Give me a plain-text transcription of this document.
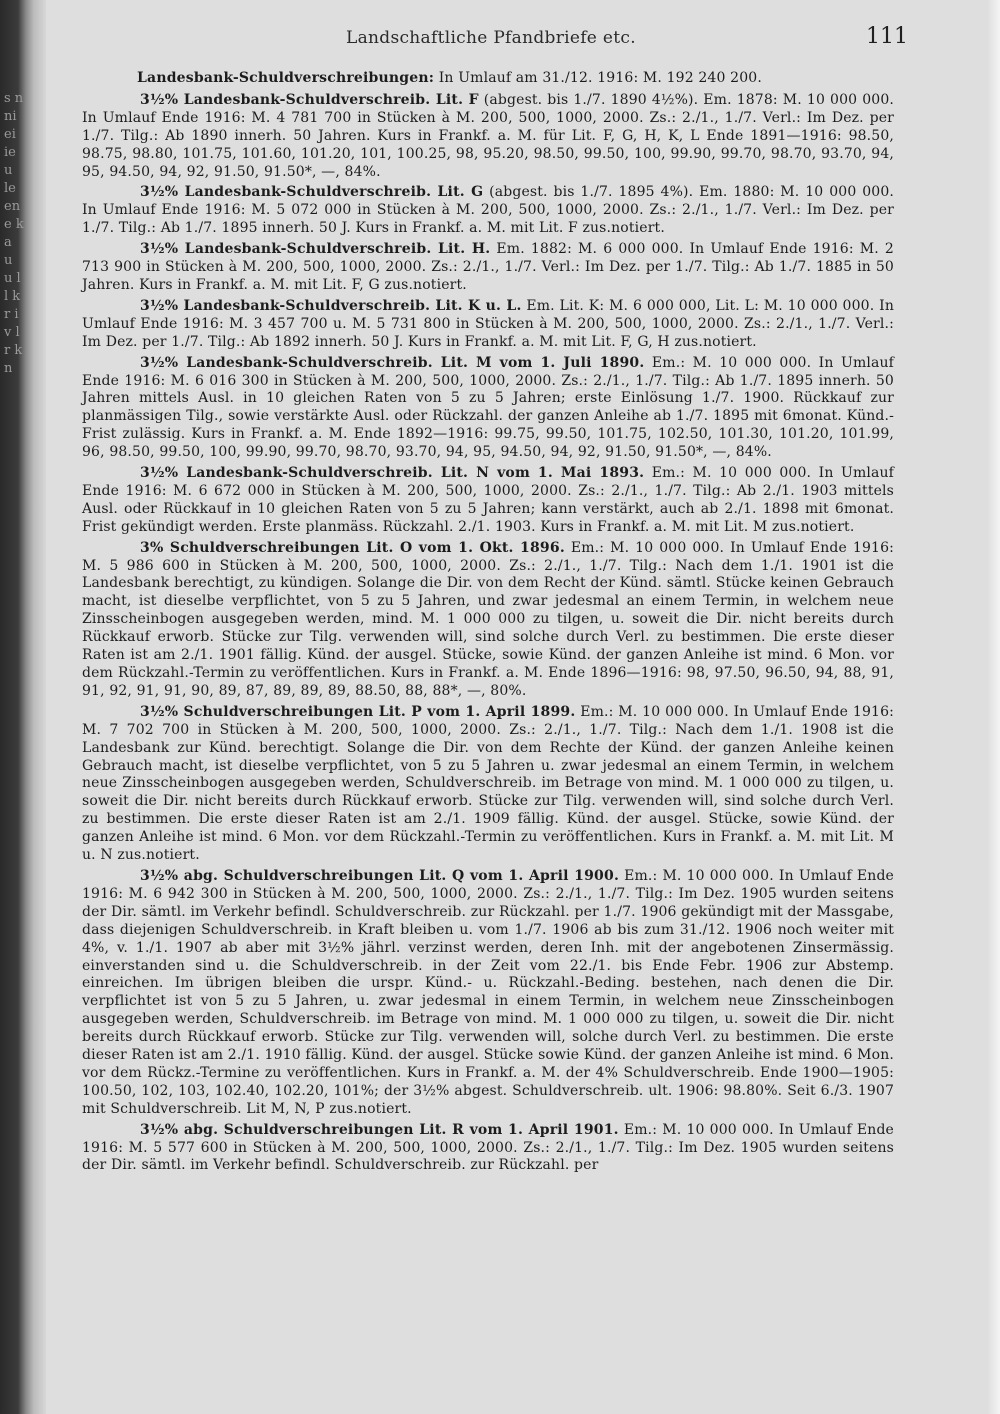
s n ni ei ie u le en e k a u u l l k r i v l r k n
Landschaftliche Pfandbriefe etc.	111

Landesbank-Schuldverschreibungen: In Umlauf am 31./12. 1916: M. 192 240 200.

3½% Landesbank-Schuldverschreib. Lit. F (abgest. bis 1./7. 1890 4½%). Em. 1878: M. 10 000 000. In Umlauf Ende 1916: M. 4 781 700 in Stücken à M. 200, 500, 1000, 2000. Zs.: 2./1., 1./7. Verl.: Im Dez. per 1./7. Tilg.: Ab 1890 innerh. 50 Jahren. Kurs in Frankf. a. M. für Lit. F, G, H, K, L Ende 1891—1916: 98.50, 98.75, 98.80, 101.75, 101.60, 101.20, 101, 100.25, 98, 95.20, 98.50, 99.50, 100, 99.90, 99.70, 98.70, 93.70, 94, 95, 94.50, 94, 92, 91.50, 91.50*, —, 84%.

3½% Landesbank-Schuldverschreib. Lit. G (abgest. bis 1./7. 1895 4%). Em. 1880: M. 10 000 000. In Umlauf Ende 1916: M. 5 072 000 in Stücken à M. 200, 500, 1000, 2000. Zs.: 2./1., 1./7. Verl.: Im Dez. per 1./7. Tilg.: Ab 1./7. 1895 innerh. 50 J. Kurs in Frankf. a. M. mit Lit. F zus.notiert.

3½% Landesbank-Schuldverschreib. Lit. H. Em. 1882: M. 6 000 000. In Umlauf Ende 1916: M. 2 713 900 in Stücken à M. 200, 500, 1000, 2000. Zs.: 2./1., 1./7. Verl.: Im Dez. per 1./7. Tilg.: Ab 1./7. 1885 in 50 Jahren. Kurs in Frankf. a. M. mit Lit. F, G zus.notiert.

3½% Landesbank-Schuldverschreib. Lit. K u. L. Em. Lit. K: M. 6 000 000, Lit. L: M. 10 000 000. In Umlauf Ende 1916: M. 3 457 700 u. M. 5 731 800 in Stücken à M. 200, 500, 1000, 2000. Zs.: 2./1., 1./7. Verl.: Im Dez. per 1./7. Tilg.: Ab 1892 innerh. 50 J. Kurs in Frankf. a. M. mit Lit. F, G, H zus.notiert.

3½% Landesbank-Schuldverschreib. Lit. M vom 1. Juli 1890. Em.: M. 10 000 000. In Umlauf Ende 1916: M. 6 016 300 in Stücken à M. 200, 500, 1000, 2000. Zs.: 2./1., 1./7. Tilg.: Ab 1./7. 1895 innerh. 50 Jahren mittels Ausl. in 10 gleichen Raten von 5 zu 5 Jahren; erste Einlösung 1./7. 1900. Rückkauf zur planmässigen Tilg., sowie verstärkte Ausl. oder Rückzahl. der ganzen Anleihe ab 1./7. 1895 mit 6monat. Künd.-Frist zulässig. Kurs in Frankf. a. M. Ende 1892—1916: 99.75, 99.50, 101.75, 102.50, 101.30, 101.20, 101.99, 96, 98.50, 99.50, 100, 99.90, 99.70, 98.70, 93.70, 94, 95, 94.50, 94, 92, 91.50, 91.50*, —, 84%.

3½% Landesbank-Schuldverschreib. Lit. N vom 1. Mai 1893. Em.: M. 10 000 000. In Umlauf Ende 1916: M. 6 672 000 in Stücken à M. 200, 500, 1000, 2000. Zs.: 2./1., 1./7. Tilg.: Ab 2./1. 1903 mittels Ausl. oder Rückkauf in 10 gleichen Raten von 5 zu 5 Jahren; kann verstärkt, auch ab 2./1. 1898 mit 6monat. Frist gekündigt werden. Erste planmäss. Rückzahl. 2./1. 1903. Kurs in Frankf. a. M. mit Lit. M zus.notiert.

3% Schuldverschreibungen Lit. O vom 1. Okt. 1896. Em.: M. 10 000 000. In Umlauf Ende 1916: M. 5 986 600 in Stücken à M. 200, 500, 1000, 2000. Zs.: 2./1., 1./7. Tilg.: Nach dem 1./1. 1901 ist die Landesbank berechtigt, zu kündigen. Solange die Dir. von dem Recht der Künd. sämtl. Stücke keinen Gebrauch macht, ist dieselbe verpflichtet, von 5 zu 5 Jahren, und zwar jedesmal an einem Termin, in welchem neue Zinsscheinbogen ausgegeben werden, mind. M. 1 000 000 zu tilgen, u. soweit die Dir. nicht bereits durch Rückkauf erworb. Stücke zur Tilg. verwenden will, sind solche durch Verl. zu bestimmen. Die erste dieser Raten ist am 2./1. 1901 fällig. Künd. der ausgel. Stücke, sowie Künd. der ganzen Anleihe ist mind. 6 Mon. vor dem Rückzahl.-Termin zu veröffentlichen. Kurs in Frankf. a. M. Ende 1896—1916: 98, 97.50, 96.50, 94, 88, 91, 91, 92, 91, 91, 90, 89, 87, 89, 89, 89, 88.50, 88, 88*, —, 80%.

3½% Schuldverschreibungen Lit. P vom 1. April 1899. Em.: M. 10 000 000. In Umlauf Ende 1916: M. 7 702 700 in Stücken à M. 200, 500, 1000, 2000. Zs.: 2./1., 1./7. Tilg.: Nach dem 1./1. 1908 ist die Landesbank zur Künd. berechtigt. Solange die Dir. von dem Rechte der Künd. der ganzen Anleihe keinen Gebrauch macht, ist dieselbe verpflichtet, von 5 zu 5 Jahren u. zwar jedesmal an einem Termin, in welchem neue Zinsscheinbogen ausgegeben werden, Schuldverschreib. im Betrage von mind. M. 1 000 000 zu tilgen, u. soweit die Dir. nicht bereits durch Rückkauf erworb. Stücke zur Tilg. verwenden will, sind solche durch Verl. zu bestimmen. Die erste dieser Raten ist am 2./1. 1909 fällig. Künd. der ausgel. Stücke, sowie Künd. der ganzen Anleihe ist mind. 6 Mon. vor dem Rückzahl.-Termin zu veröffentlichen. Kurs in Frankf. a. M. mit Lit. M u. N zus.notiert.

3½% abg. Schuldverschreibungen Lit. Q vom 1. April 1900. Em.: M. 10 000 000. In Umlauf Ende 1916: M. 6 942 300 in Stücken à M. 200, 500, 1000, 2000. Zs.: 2./1., 1./7. Tilg.: Im Dez. 1905 wurden seitens der Dir. sämtl. im Verkehr befindl. Schuldverschreib. zur Rückzahl. per 1./7. 1906 gekündigt mit der Massgabe, dass diejenigen Schuldverschreib. in Kraft bleiben u. vom 1./7. 1906 ab bis zum 31./12. 1906 noch weiter mit 4%, v. 1./1. 1907 ab aber mit 3½% jährl. verzinst werden, deren Inh. mit der angebotenen Zinsermässig. einverstanden sind u. die Schuldverschreib. in der Zeit vom 22./1. bis Ende Febr. 1906 zur Abstemp. einreichen. Im übrigen bleiben die urspr. Künd.- u. Rückzahl.-Beding. bestehen, nach denen die Dir. verpflichtet ist von 5 zu 5 Jahren, u. zwar jedesmal in einem Termin, in welchem neue Zinsscheinbogen ausgegeben werden, Schuldverschreib. im Betrage von mind. M. 1 000 000 zu tilgen, u. soweit die Dir. nicht bereits durch Rückkauf erworb. Stücke zur Tilg. verwenden will, solche durch Verl. zu bestimmen. Die erste dieser Raten ist am 2./1. 1910 fällig. Künd. der ausgel. Stücke sowie Künd. der ganzen Anleihe ist mind. 6 Mon. vor dem Rückz.-Termine zu veröffentlichen. Kurs in Frankf. a. M. der 4% Schuldverschreib. Ende 1900—1905: 100.50, 102, 103, 102.40, 102.20, 101%; der 3½% abgest. Schuldverschreib. ult. 1906: 98.80%. Seit 6./3. 1907 mit Schuldverschreib. Lit M, N, P zus.notiert.

3½% abg. Schuldverschreibungen Lit. R vom 1. April 1901. Em.: M. 10 000 000. In Umlauf Ende 1916: M. 5 577 600 in Stücken à M. 200, 500, 1000, 2000. Zs.: 2./1., 1./7. Tilg.: Im Dez. 1905 wurden seitens der Dir. sämtl. im Verkehr befindl. Schuldverschreib. zur Rückzahl. per
